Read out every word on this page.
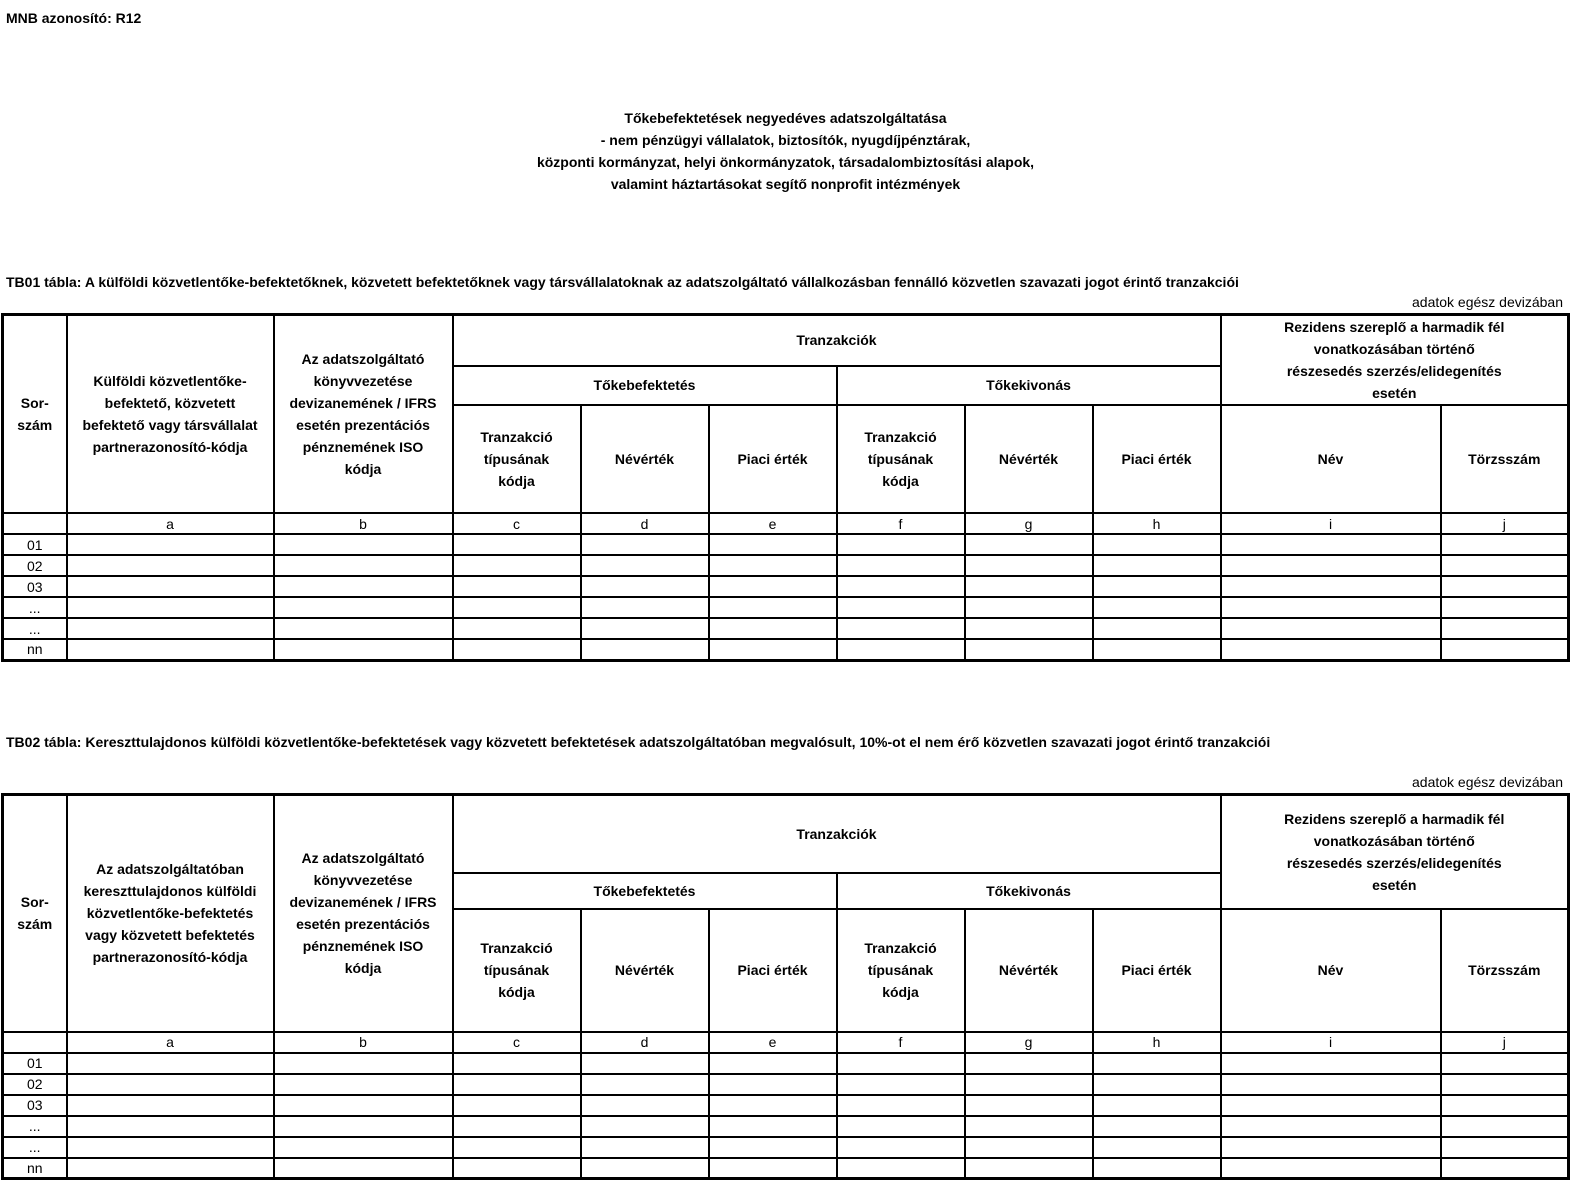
MNB azonosító: R12
Tőkebefektetések negyedéves adatszolgáltatása
- nem pénzügyi vállalatok, biztosítók, nyugdíjpénztárak,
központi kormányzat, helyi önkormányzatok, társadalombiztosítási alapok,
valamint háztartásokat segítő nonprofit intézmények
TB01 tábla: A külföldi közvetlentőke-befektetőknek, közvetett befektetőknek vagy társvállalatoknak az adatszolgáltató vállalkozásban fennálló közvetlen szavazati jogot érintő tranzakciói
adatok egész devizában
Sor-szám	Külföldi közvetlentőke-befektető, közvetett befektető vagy társvállalat partnerazonosító-kódja	Az adatszolgáltató könyvvezetése devizanemének / IFRS esetén prezentációs pénznemének ISO kódja	Tranzakciók						Rezidens szereplő a harmadik fél vonatkozásában történő részesedés szerzés/elidegenítés esetén	
			Tőkebefektetés			Tőkekivonás				
			Tranzakció típusának kódja	Névérték	Piaci érték	Tranzakció típusának kódja	Névérték	Piaci érték	Név	Törzsszám
	a	b	c	d	e	f	g	h	i	j
01										
02										
03										
...										
...										
nn										
TB02 tábla: Kereszttulajdonos külföldi közvetlentőke-befektetések vagy közvetett befektetések adatszolgáltatóban megvalósult, 10%-ot el nem érő közvetlen szavazati jogot érintő tranzakciói
adatok egész devizában
Sor-szám	Az adatszolgáltatóban kereszttulajdonos külföldi közvetlentőke-befektetés vagy közvetett befektetés partnerazonosító-kódja	Az adatszolgáltató könyvvezetése devizanemének / IFRS esetén prezentációs pénznemének ISO kódja	Tranzakciók						Rezidens szereplő a harmadik fél vonatkozásában történő részesedés szerzés/elidegenítés esetén	
			Tőkebefektetés			Tőkekivonás				
			Tranzakció típusának kódja	Névérték	Piaci érték	Tranzakció típusának kódja	Névérték	Piaci érték	Név	Törzsszám
	a	b	c	d	e	f	g	h	i	j
01										
02										
03										
...										
...										
nn										
